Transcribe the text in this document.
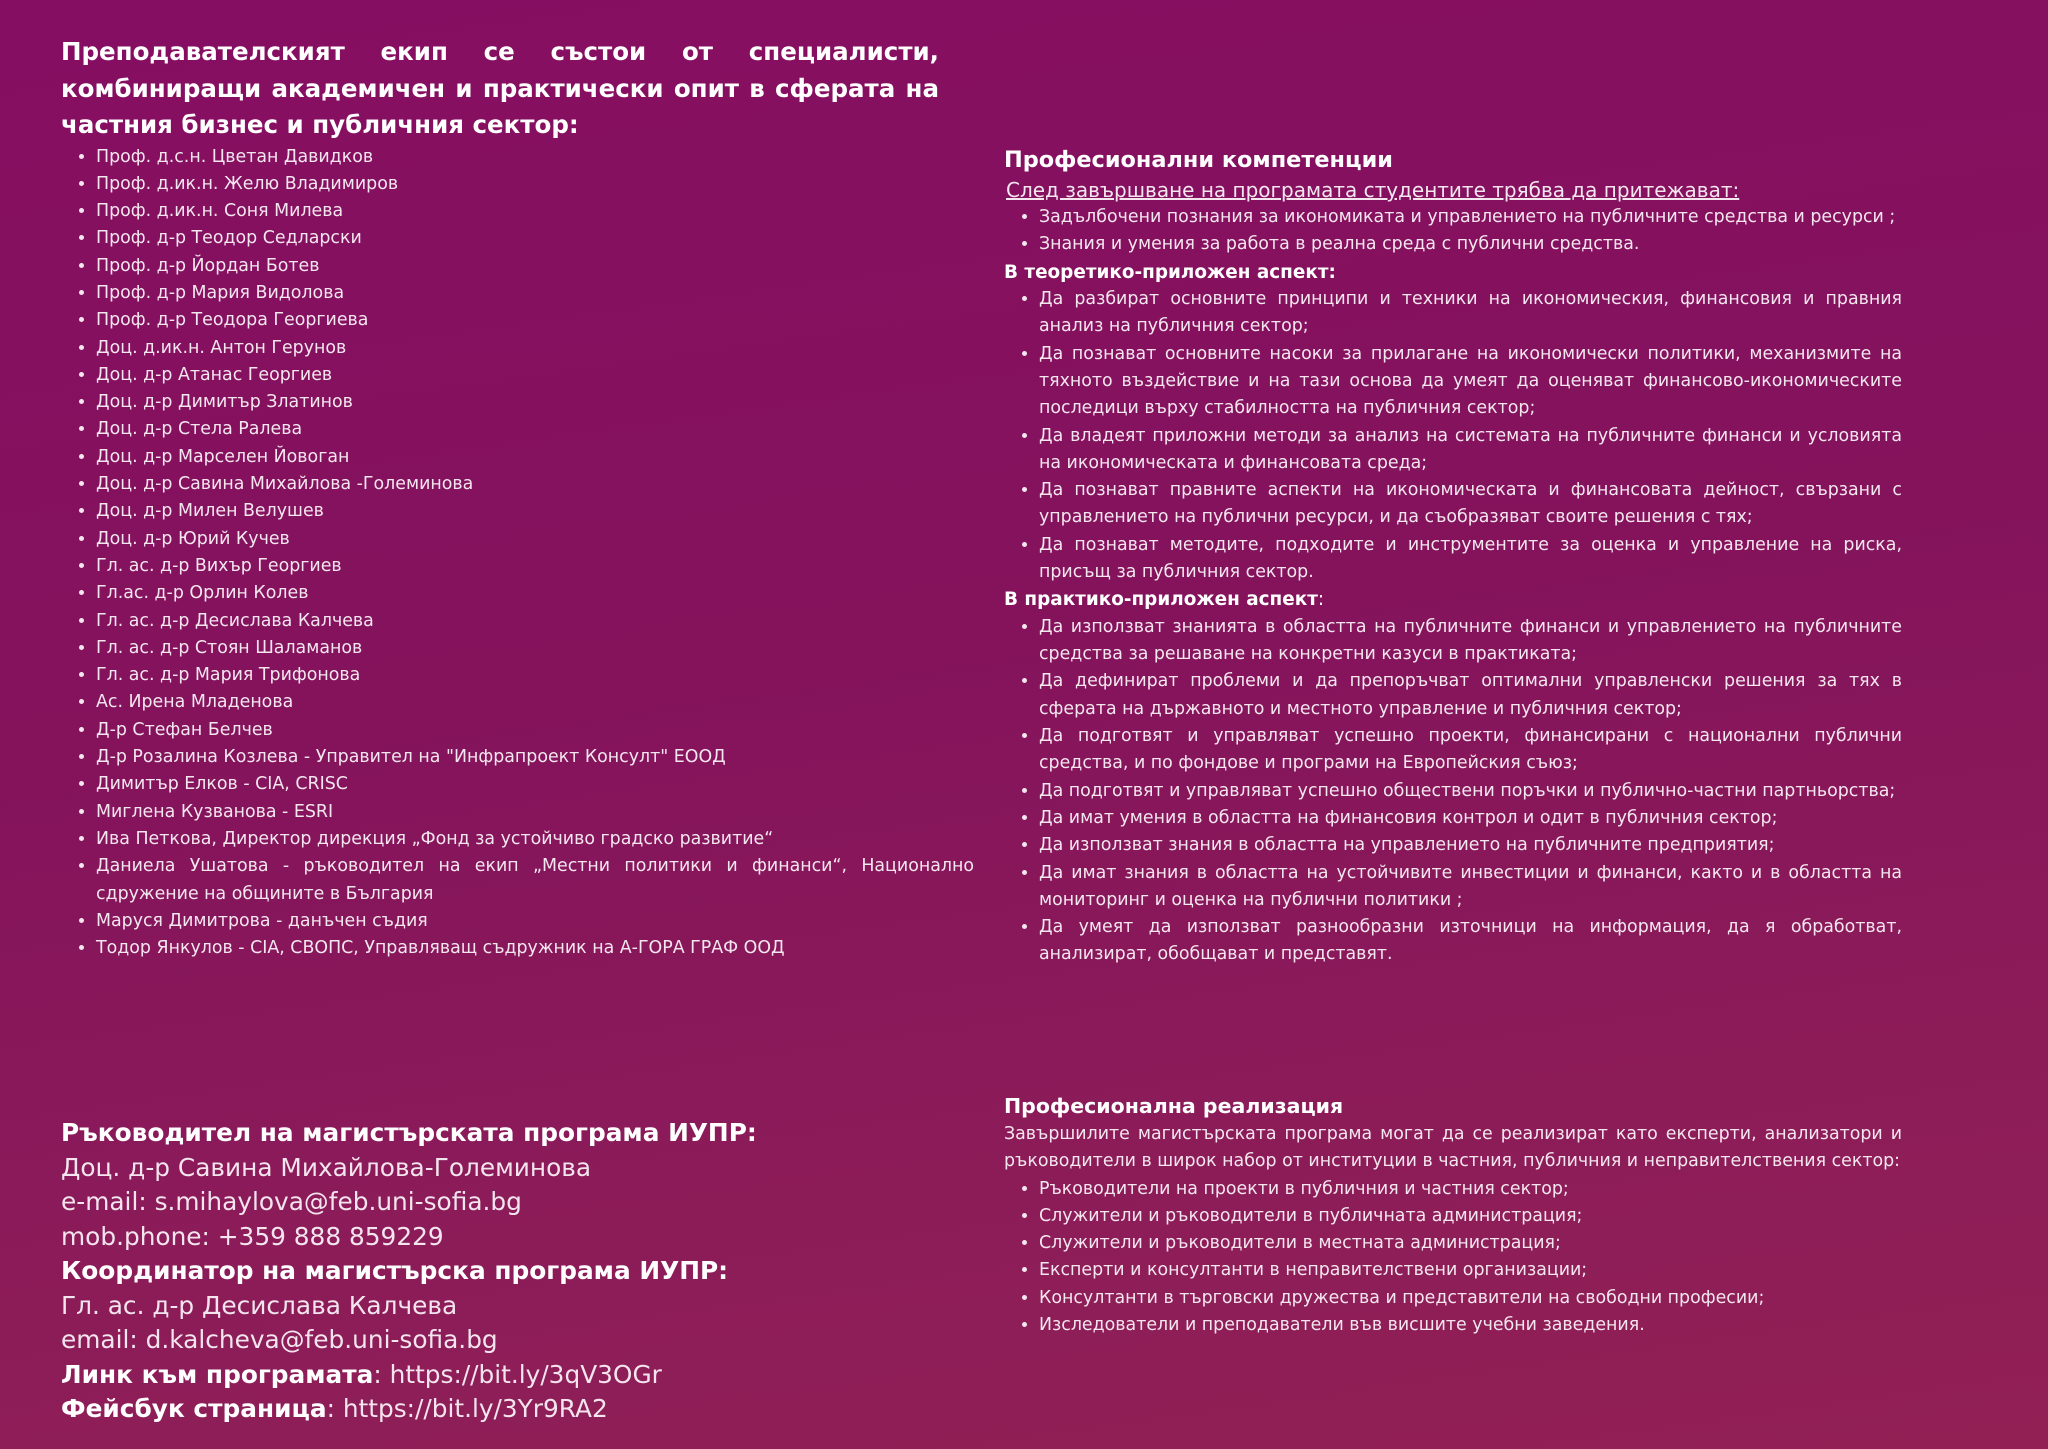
Преподавателският екип се състои от специалисти, комбиниращи академичен и практически опит в сферата на частния бизнес и публичния сектор:

• Проф. д.с.н. Цветан Давидков
• Проф. д.ик.н. Желю Владимиров
• Проф. д.ик.н. Соня Милева
• Проф. д-р Теодор Седларски
• Проф. д-р Йордан Ботев
• Проф. д-р Мария Видолова
• Проф. д-р Теодора Георгиева
• Доц. д.ик.н. Антон Герунов
• Доц. д-р Атанас Георгиев
• Доц. д-р Димитър Златинов
• Доц. д-р Стела Ралева
• Доц. д-р Марселен Йовоган
• Доц. д-р Савина Михайлова -Големинова
• Доц. д-р Милен Велушев
• Доц. д-р Юрий Кучев
• Гл. ас. д-р Вихър Георгиев
• Гл.ас. д-р Орлин Колев
• Гл. ас. д-р Десислава Калчева
• Гл. ас. д-р Стоян Шаламанов
• Гл. ас. д-р Мария Трифонова
• Ас. Ирена Младенова
• Д-р Стефан Белчев
• Д-р Розалина Козлева - Управител на "Инфрапроект Консулт" ЕООД
• Димитър Елков - CIA, CRISC
• Миглена Кузванова - ESRI
• Ива Петкова, Директор дирекция „Фонд за устойчиво градско развитие“
• Даниела Ушатова - ръководител на екип „Местни политики и финанси“, Национално сдружение на общините в България
• Маруся Димитрова - данъчен съдия
• Тодор Янкулов - CIA, СВОПС, Управляващ съдружник на А-ГОРА ГРАФ ООД

Професионални компетенции

След завършване на програмата студентите трябва да притежават:

• Задълбочени познания за икономиката и управлението на публичните средства и ресурси ;
• Знания и умения за работа в реална среда с публични средства.

В теоретико-приложен аспект:

• Да разбират основните принципи и техники на икономическия, финансовия и правния анализ на публичния сектор;
• Да познават основните насоки за прилагане на икономически политики, механизмите на тяхното въздействие и на тази основа да умеят да оценяват финансово-икономическите последици върху стабилността на публичния сектор;
• Да владеят приложни методи за анализ на системата на публичните финанси и условията на икономическата и финансовата среда;
• Да познават правните аспекти на икономическата и финансовата дейност, свързани с управлението на публични ресурси, и да съобразяват своите решения с тях;
• Да познават методите, подходите и инструментите за оценка и управление на риска, присъщ за публичния сектор.

В практико-приложен аспект:

• Да използват знанията в областта на публичните финанси и управлението на публичните средства за решаване на конкретни казуси в практиката;
• Да дефинират проблеми и да препоръчват оптимални управленски решения за тях в сферата на държавното и местното управление и публичния сектор;
• Да подготвят и управляват успешно проекти, финансирани с национални публични средства, и по фондове и програми на Европейския съюз;
• Да подготвят и управляват успешно обществени поръчки и публично-частни партньорства;
• Да имат умения в областта на финансовия контрол и одит в публичния сектор;
• Да използват знания в областта на управлението на публичните предприятия;
• Да имат знания в областта на устойчивите инвестиции и финанси, както и в областта на мониторинг и оценка на публични политики ;
• Да умеят да използват разнообразни източници на информация, да я обработват, анализират, обобщават и представят.

Професионална реализация

Завършилите магистърската програма могат да се реализират като експерти, анализатори и ръководители в широк набор от институции в частния, публичния и неправителствения сектор:

• Ръководители на проекти в публичния и частния сектор;
• Служители и ръководители в публичната администрация;
• Служители и ръководители в местната администрация;
• Експерти и консултанти в неправителствени организации;
• Консултанти в търговски дружества и представители на свободни професии;
• Изследователи и преподаватели във висшите учебни заведения.

Ръководител на магистърската програма ИУПР:

Доц. д-р Савина Михайлова-Големинова

e-mail: s.mihaylova@feb.uni-sofia.bg

mob.phone: +359 888 859229

Координатор на магистърска програма ИУПР:

Гл. ас. д-р Десислава Калчева

email: d.kalcheva@feb.uni-sofia.bg

Линк към програмата: https://bit.ly/3qV3OGr

Фейсбук страница: https://bit.ly/3Yr9RA2
